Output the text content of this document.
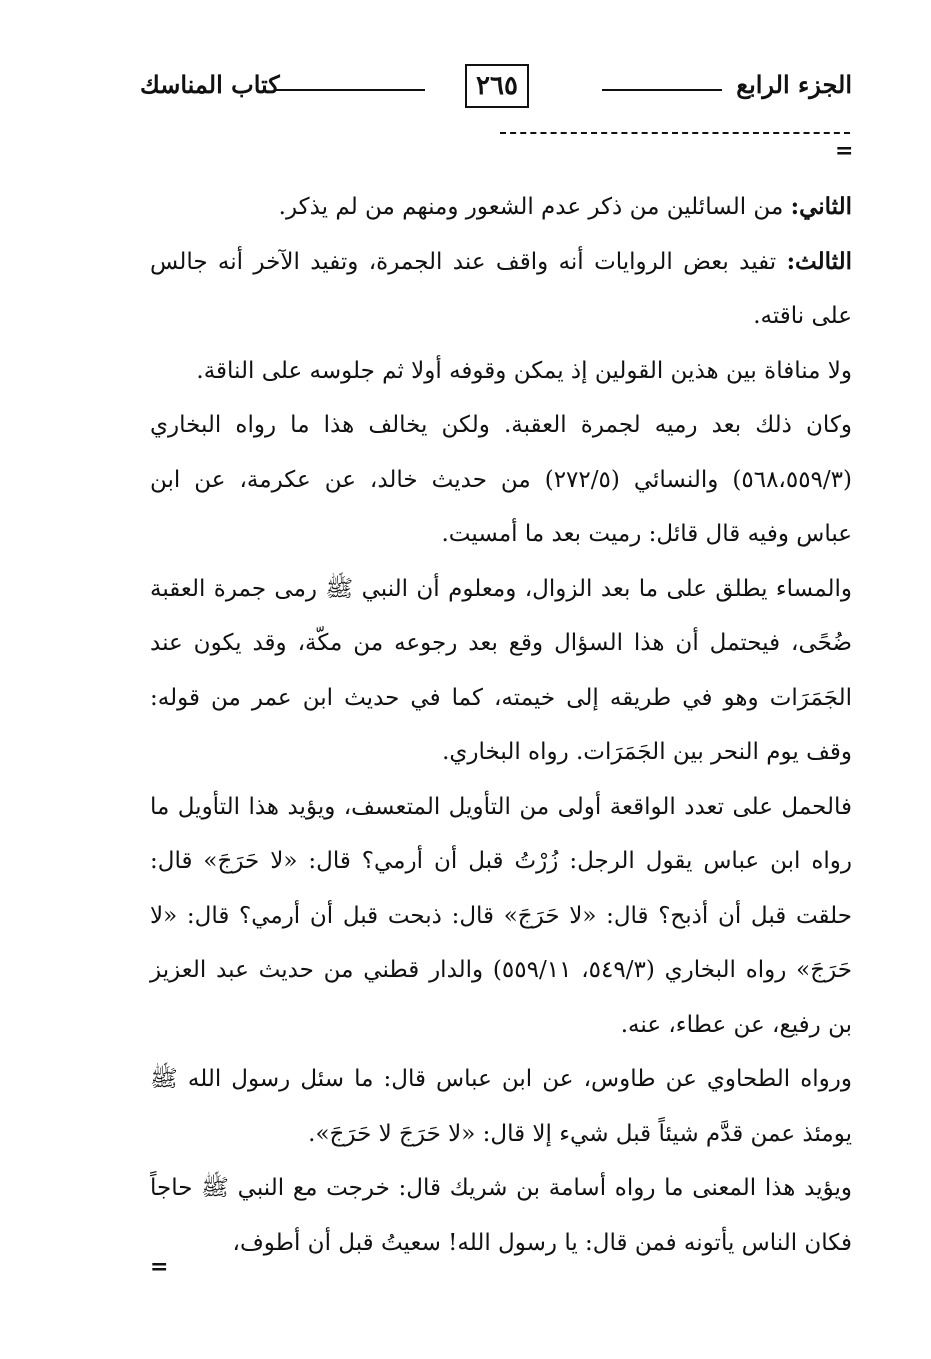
الجزء الرابع
٢٦٥
كتاب المناسك
=

الثاني: من السائلين من ذكر عدم الشعور ومنهم من لم يذكر.

الثالث: تفيد بعض الروايات أنه واقف عند الجمرة، وتفيد الآخر أنه جالس على ناقته.

ولا منافاة بين هذين القولين إذ يمكن وقوفه أولا ثم جلوسه على الناقة.

وكان ذلك بعد رميه لجمرة العقبة. ولكن يخالف هذا ما رواه البخاري (٥٦٨،٥٥٩/٣) والنسائي (٢٧٢/٥) من حديث خالد، عن عكرمة، عن ابن عباس وفيه قال قائل: رميت بعد ما أمسيت.

والمساء يطلق على ما بعد الزوال، ومعلوم أن النبي ﷺ رمى جمرة العقبة ضُحًى، فيحتمل أن هذا السؤال وقع بعد رجوعه من مكّة، وقد يكون عند الجَمَرَات وهو في طريقه إلى خيمته، كما في حديث ابن عمر من قوله: وقف يوم النحر بين الجَمَرَات. رواه البخاري.

فالحمل على تعدد الواقعة أولى من التأويل المتعسف، ويؤيد هذا التأويل ما رواه ابن عباس يقول الرجل: زُرْتُ قبل أن أرمي؟ قال: «لا حَرَجَ» قال: حلقت قبل أن أذبح؟ قال: «لا حَرَجَ» قال: ذبحت قبل أن أرمي؟ قال: «لا حَرَجَ» رواه البخاري (٥٤٩/٣، ٥٥٩/١١) والدار قطني من حديث عبد العزيز بن رفيع، عن عطاء، عنه.

ورواه الطحاوي عن طاوس، عن ابن عباس قال: ما سئل رسول الله ﷺ يومئذ عمن قدَّم شيئاً قبل شيء إلا قال: «لا حَرَجَ لا حَرَجَ».

ويؤيد هذا المعنى ما رواه أسامة بن شريك قال: خرجت مع النبي ﷺ حاجاً فكان الناس يأتونه فمن قال: يا رسول الله! سعيتُ قبل أن أطوف،

=
